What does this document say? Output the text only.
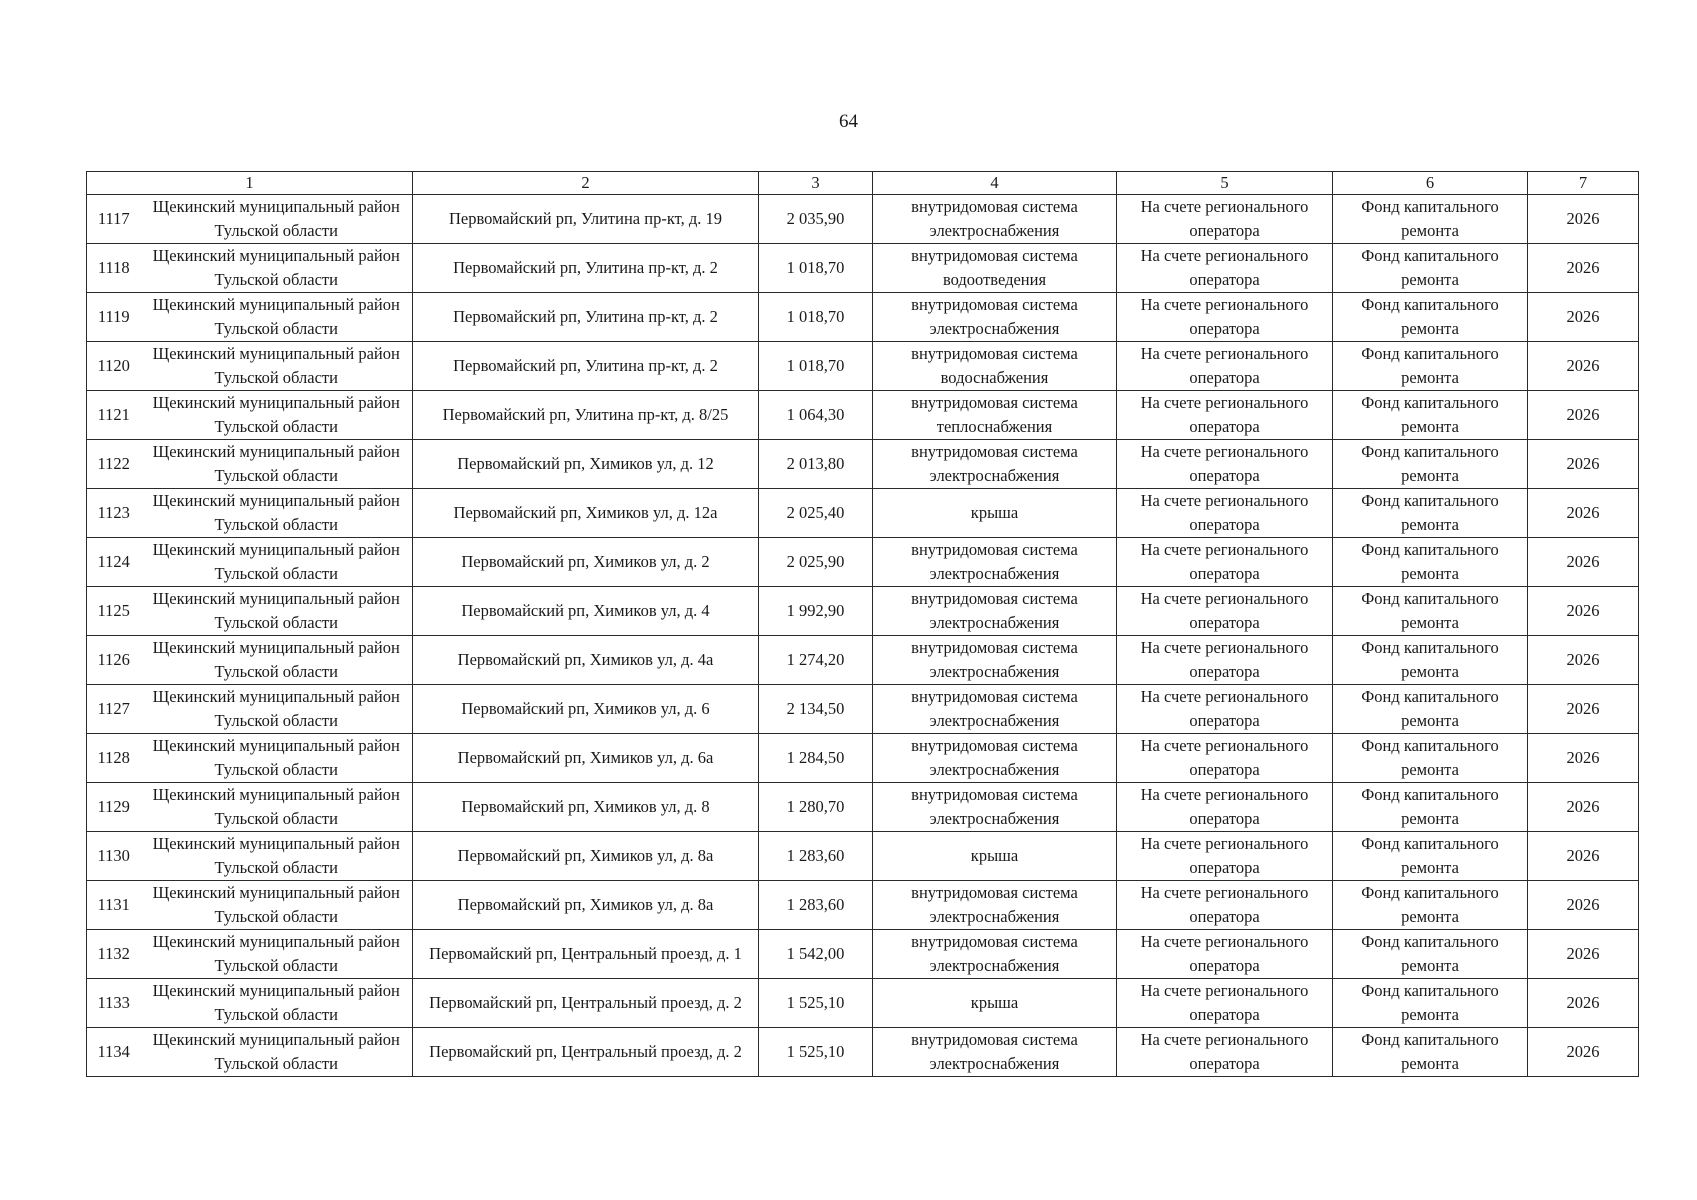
64
1		2	3	4	5	6	7
1117	Щекинский муниципальный район Тульской области	Первомайский рп, Улитина пр-кт, д. 19	2 035,90	внутридомовая система электроснабжения	На счете регионального оператора	Фонд капитального ремонта	2026
1118	Щекинский муниципальный район Тульской области	Первомайский рп, Улитина пр-кт, д. 2	1 018,70	внутридомовая система водоотведения	На счете регионального оператора	Фонд капитального ремонта	2026
1119	Щекинский муниципальный район Тульской области	Первомайский рп, Улитина пр-кт, д. 2	1 018,70	внутридомовая система электроснабжения	На счете регионального оператора	Фонд капитального ремонта	2026
1120	Щекинский муниципальный район Тульской области	Первомайский рп, Улитина пр-кт, д. 2	1 018,70	внутридомовая система водоснабжения	На счете регионального оператора	Фонд капитального ремонта	2026
1121	Щекинский муниципальный район Тульской области	Первомайский рп, Улитина пр-кт, д. 8/25	1 064,30	внутридомовая система теплоснабжения	На счете регионального оператора	Фонд капитального ремонта	2026
1122	Щекинский муниципальный район Тульской области	Первомайский рп, Химиков ул, д. 12	2 013,80	внутридомовая система электроснабжения	На счете регионального оператора	Фонд капитального ремонта	2026
1123	Щекинский муниципальный район Тульской области	Первомайский рп, Химиков ул, д. 12а	2 025,40	крыша	На счете регионального оператора	Фонд капитального ремонта	2026
1124	Щекинский муниципальный район Тульской области	Первомайский рп, Химиков ул, д. 2	2 025,90	внутридомовая система электроснабжения	На счете регионального оператора	Фонд капитального ремонта	2026
1125	Щекинский муниципальный район Тульской области	Первомайский рп, Химиков ул, д. 4	1 992,90	внутридомовая система электроснабжения	На счете регионального оператора	Фонд капитального ремонта	2026
1126	Щекинский муниципальный район Тульской области	Первомайский рп, Химиков ул, д. 4а	1 274,20	внутридомовая система электроснабжения	На счете регионального оператора	Фонд капитального ремонта	2026
1127	Щекинский муниципальный район Тульской области	Первомайский рп, Химиков ул, д. 6	2 134,50	внутридомовая система электроснабжения	На счете регионального оператора	Фонд капитального ремонта	2026
1128	Щекинский муниципальный район Тульской области	Первомайский рп, Химиков ул, д. 6а	1 284,50	внутридомовая система электроснабжения	На счете регионального оператора	Фонд капитального ремонта	2026
1129	Щекинский муниципальный район Тульской области	Первомайский рп, Химиков ул, д. 8	1 280,70	внутридомовая система электроснабжения	На счете регионального оператора	Фонд капитального ремонта	2026
1130	Щекинский муниципальный район Тульской области	Первомайский рп, Химиков ул, д. 8а	1 283,60	крыша	На счете регионального оператора	Фонд капитального ремонта	2026
1131	Щекинский муниципальный район Тульской области	Первомайский рп, Химиков ул, д. 8а	1 283,60	внутридомовая система электроснабжения	На счете регионального оператора	Фонд капитального ремонта	2026
1132	Щекинский муниципальный район Тульской области	Первомайский рп, Центральный проезд, д. 1	1 542,00	внутридомовая система электроснабжения	На счете регионального оператора	Фонд капитального ремонта	2026
1133	Щекинский муниципальный район Тульской области	Первомайский рп, Центральный проезд, д. 2	1 525,10	крыша	На счете регионального оператора	Фонд капитального ремонта	2026
1134	Щекинский муниципальный район Тульской области	Первомайский рп, Центральный проезд, д. 2	1 525,10	внутридомовая система электроснабжения	На счете регионального оператора	Фонд капитального ремонта	2026
